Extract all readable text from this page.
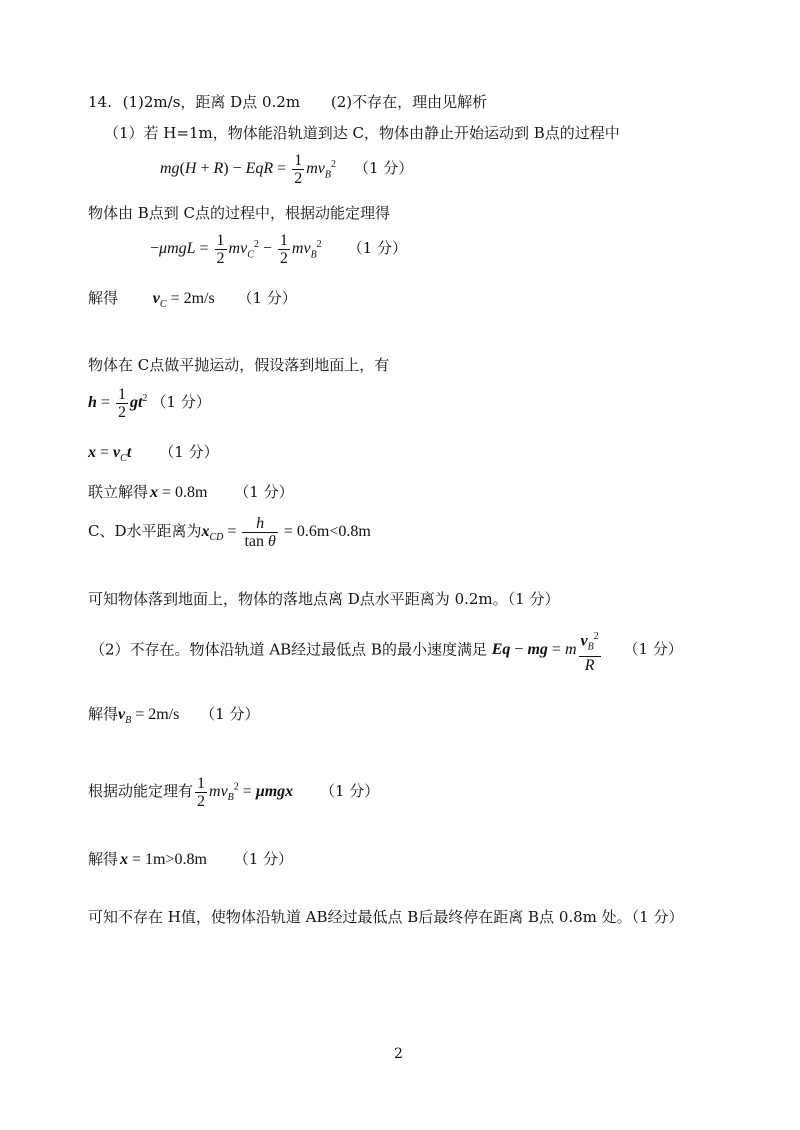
14. (1)2m/s，距离 D点 0.2m (2)不存在，理由见解析
（1）若 H=1m，物体能沿轨道到达 C，物体由静止开始运动到 B点的过程中
mg(H + R) − EqR = $\frac{1}{2} mv_B^2$ （1 分）
物体由 B点到 C点的过程中，根据动能定理得
$-\mu mgL = \frac{1}{2} mv_C^2 - \frac{1}{2} mv_B^2$ （1 分）
解得 $v_C = 2m/s$ （1 分）
物体在 C点做平抛运动，假设落到地面上，有
$h = \frac{1}{2} gt^2$ （1 分）
$x = v_Ct$ （1 分）
联立解得 x = 0.8m （1 分）
C、D水平距离为$x_{CD} = \frac{h}{\text{tan θ}} = 0.6m<0.8m$
可知物体落到地面上，物体的落地点离 D点水平距离为 0.2m。（1 分）
（2）不存在。物体沿轨道 AB经过最低点 B的最小速度满足 Eq − mg = m $\frac{v_B^2}{R} (1$ 分）
解得$v_B = 2m/s$ （1 分）
根据动能定理有 $\frac{1}{2} mv_B^2 = \mu mgx$ （1 分）
解得 x = 1m>0.8m （1 分）
可知不存在 H值，使物体沿轨道 AB经过最低点 B后最终停在距离 B点 0.8m 处。（1 分）
2
